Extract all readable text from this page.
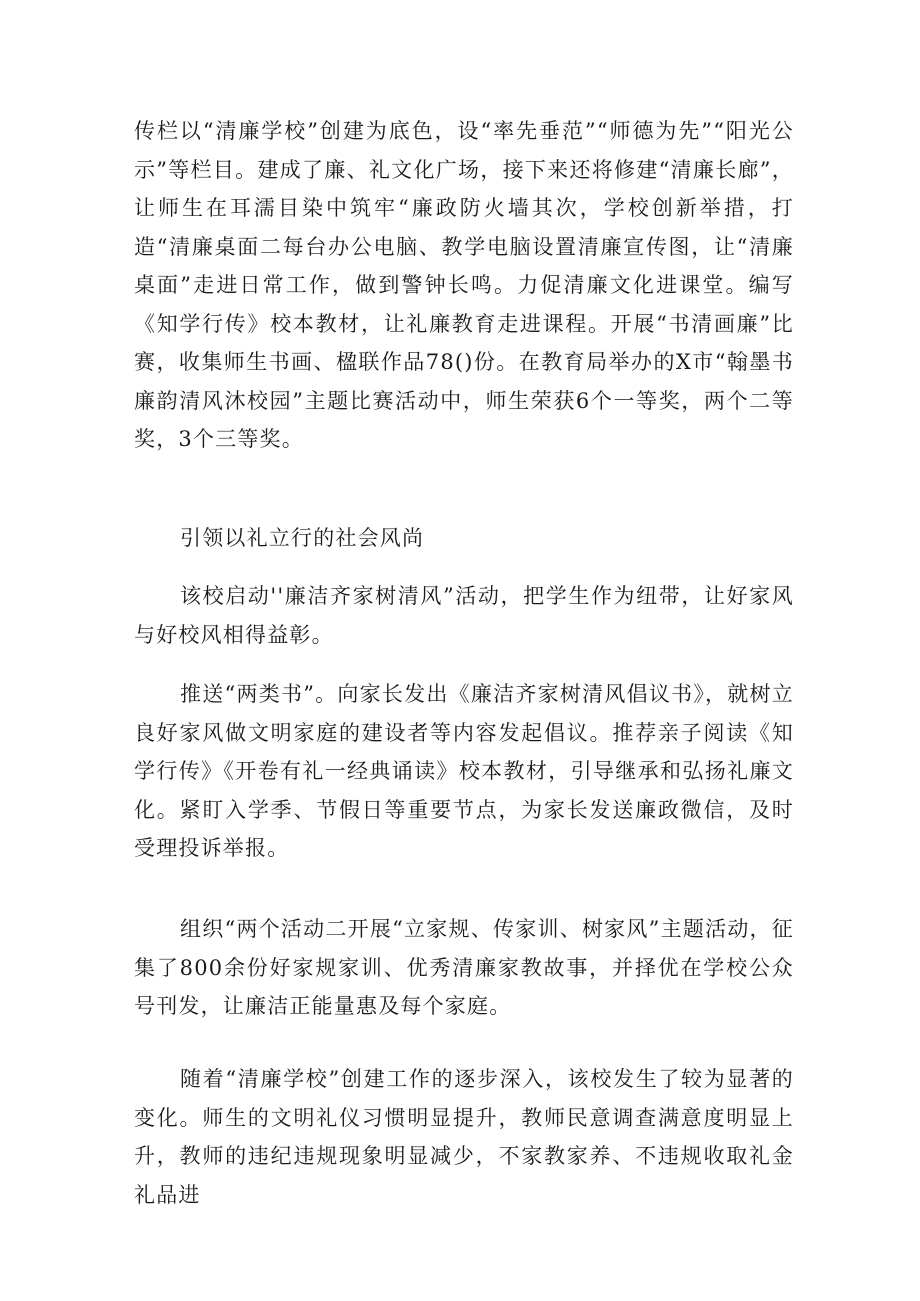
传栏以“清廉学校”创建为底色，设“率先垂范”“师德为先”“阳光公示”等栏目。建成了廉、礼文化广场，接下来还将修建“清廉长廊”，让师生在耳濡目染中筑牢“廉政防火墙其次，学校创新举措，打造“清廉桌面二每台办公电脑、教学电脑设置清廉宣传图，让“清廉桌面”走进日常工作，做到警钟长鸣。力促清廉文化进课堂。编写《知学行传》校本教材，让礼廉教育走进课程。开展“书清画廉”比赛，收集师生书画、楹联作品78()份。在教育局举办的X市“翰墨书廉韵清风沐校园”主题比赛活动中，师生荣获6个一等奖，两个二等奖，3个三等奖。

引领以礼立行的社会风尚

该校启动''廉洁齐家树清风”活动，把学生作为纽带，让好家风与好校风相得益彰。

推送“两类书”。向家长发出《廉洁齐家树清风倡议书》，就树立良好家风做文明家庭的建设者等内容发起倡议。推荐亲子阅读《知学行传》《开卷有礼一经典诵读》校本教材，引导继承和弘扬礼廉文化。紧盯入学季、节假日等重要节点，为家长发送廉政微信，及时受理投诉举报。

组织“两个活动二开展“立家规、传家训、树家风”主题活动，征集了800余份好家规家训、优秀清廉家教故事，并择优在学校公众号刊发，让廉洁正能量惠及每个家庭。

随着“清廉学校”创建工作的逐步深入，该校发生了较为显著的变化。师生的文明礼仪习惯明显提升，教师民意调查满意度明显上升，教师的违纪违规现象明显减少，不家教家养、不违规收取礼金礼品进
